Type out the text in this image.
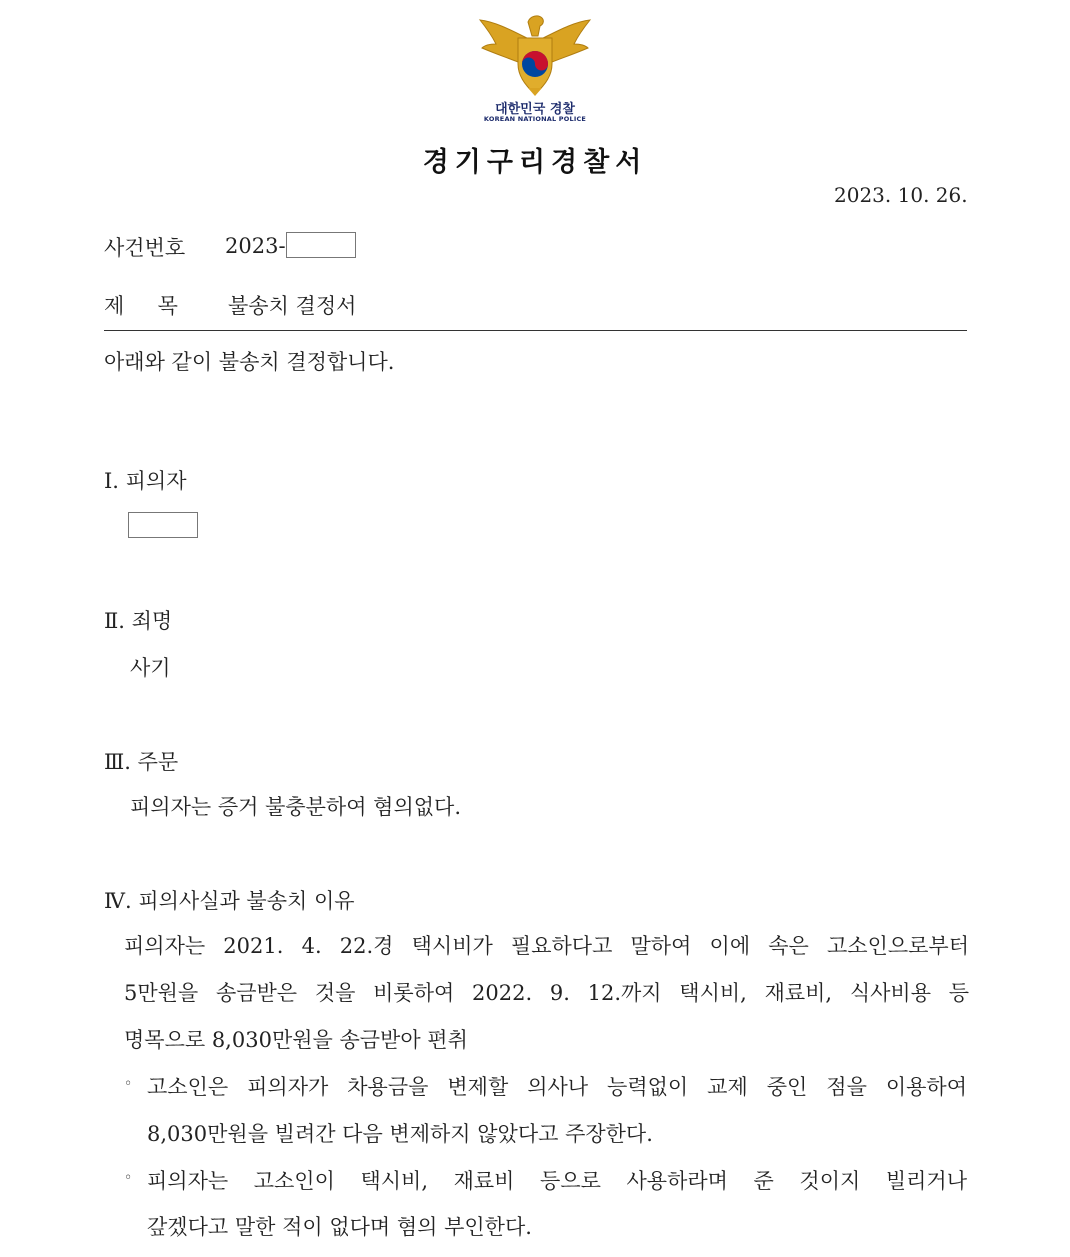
대한민국 경찰
KOREAN NATIONAL POLICE
경기구리경찰서
2023. 10. 26.
사건번호 2023-
제     목 불송치 결정서
아래와 같이 불송치 결정합니다.
Ⅰ. 피의자
Ⅱ. 죄명
사기
Ⅲ. 주문
피의자는 증거 불충분하여 혐의없다.
Ⅳ. 피의사실과 불송치 이유
피의자는 2021. 4. 22.경 택시비가 필요하다고 말하여 이에 속은 고소인으로부터
5만원을 송금받은 것을 비롯하여 2022. 9. 12.까지 택시비, 재료비, 식사비용 등
명목으로 8,030만원을 송금받아 편취
◦ 고소인은 피의자가 차용금을 변제할 의사나 능력없이 교제 중인 점을 이용하여
8,030만원을 빌려간 다음 변제하지 않았다고 주장한다.
◦ 피의자는 고소인이 택시비, 재료비 등으로 사용하라며 준 것이지 빌리거나
갚겠다고 말한 적이 없다며 혐의 부인한다.
